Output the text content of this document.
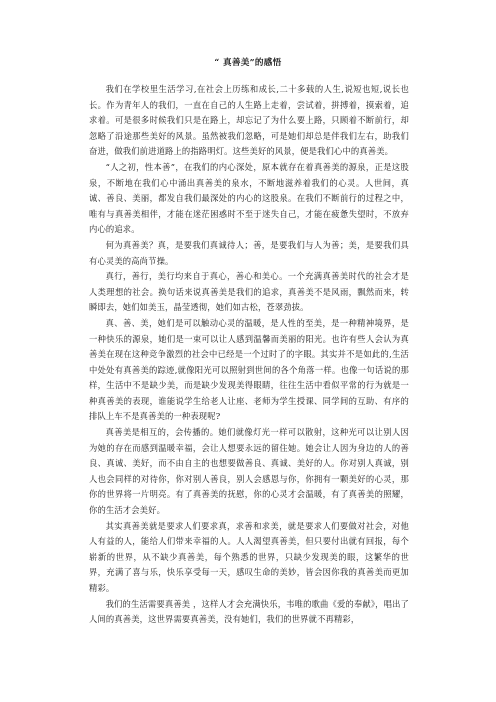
“ 真善美”的感悟

我们在学校里生活学习,在社会上历练和成长,二十多载的人生,说短也短,说长也长。作为青年人的我们，一直在自己的人生路上走着，尝试着，拼搏着，摸索着，追求着。可是很多时候我们只是在路上，却忘记了为什么要上路，只顾着不断前行，却忽略了沿途那些美好的风景。虽然被我们忽略，可是她们却总是伴我们左右，助我们奋进，做我们前进道路上的指路明灯。这些美好的风景，便是我们心中的真善美。

“人之初，性本善”，在我们的内心深处，原本就存在着真善美的源泉，正是这股泉，不断地在我们心中涌出真善美的泉水，不断地滋养着我们的心灵。人世间，真诚、善良、美丽，都发自我们最深处的内心的这股泉。在我们不断前行的过程之中，唯有与真善美相伴，才能在迷茫困惑时不至于迷失自己，才能在疲惫失望时，不放弃内心的追求。

何为真善美？真，是要我们真诚待人；善，是要我们与人为善；美，是要我们具有心灵美的高尚节操。

真行，善行，美行均来自于真心，善心和美心。一个充满真善美时代的社会才是人类理想的社会。换句话来说真善美是我们的追求，真善美不是风雨，飘然而来，转瞬即去，她们如美玉，晶莹透彻，她们如古松，苍翠劲拔。

真、善、美，她们是可以触动心灵的温暖，是人性的至美，是一种精神境界，是一种快乐的源泉，她们是一束可以让人感到温馨而美丽的阳光。也许有些人会认为真善美在现在这种竞争激烈的社会中已经是一个过时了的字眼。其实并不是如此的,生活中处处有真善美的踪迹,就像阳光可以照射到世间的各个角落一样。也像一句话说的那样，生活中不是缺少美，而是缺少发现美得眼睛，往往生活中看似平常的行为就是一种真善美的表现，谁能说学生给老人让座、老师为学生授课、同学间的互助、有序的排队上车不是真善美的一种表现呢?

真善美是相互的，会传播的。她们就像灯光一样可以散射，这种光可以让别人因为她的存在而感到温暖幸福，会让人想要永远的留住她。她会让人因为身边的人的善良、真诚、美好，而不由自主的也想要做善良、真诚、美好的人。你对别人真诚，别人也会同样的对待你，你对别人善良，别人会感恩与你，你拥有一颗美好的心灵，那你的世界将一片明亮。有了真善美的抚慰，你的心灵才会温暖，有了真善美的照耀，你的生活才会美好。

其实真善美就是要求人们要求真，求善和求美，就是要求人们要做对社会，对他人有益的人，能给人们带来幸福的人。人人渴望真善美，但只要付出就有回报，每个崭新的世界，从不缺少真善美，每个熟悉的世界，只缺少发现美的眼，这繁华的世界，充满了喜与乐，快乐享受每一天，感叹生命的美妙，皆会因你我的真善美而更加精彩。

我们的生活需要真善美 ，这样人才会充满快乐，韦唯的歌曲《爱的奉献》，唱出了人间的真善美，这世界需要真善美，没有她们，我们的世界就不再精彩，
